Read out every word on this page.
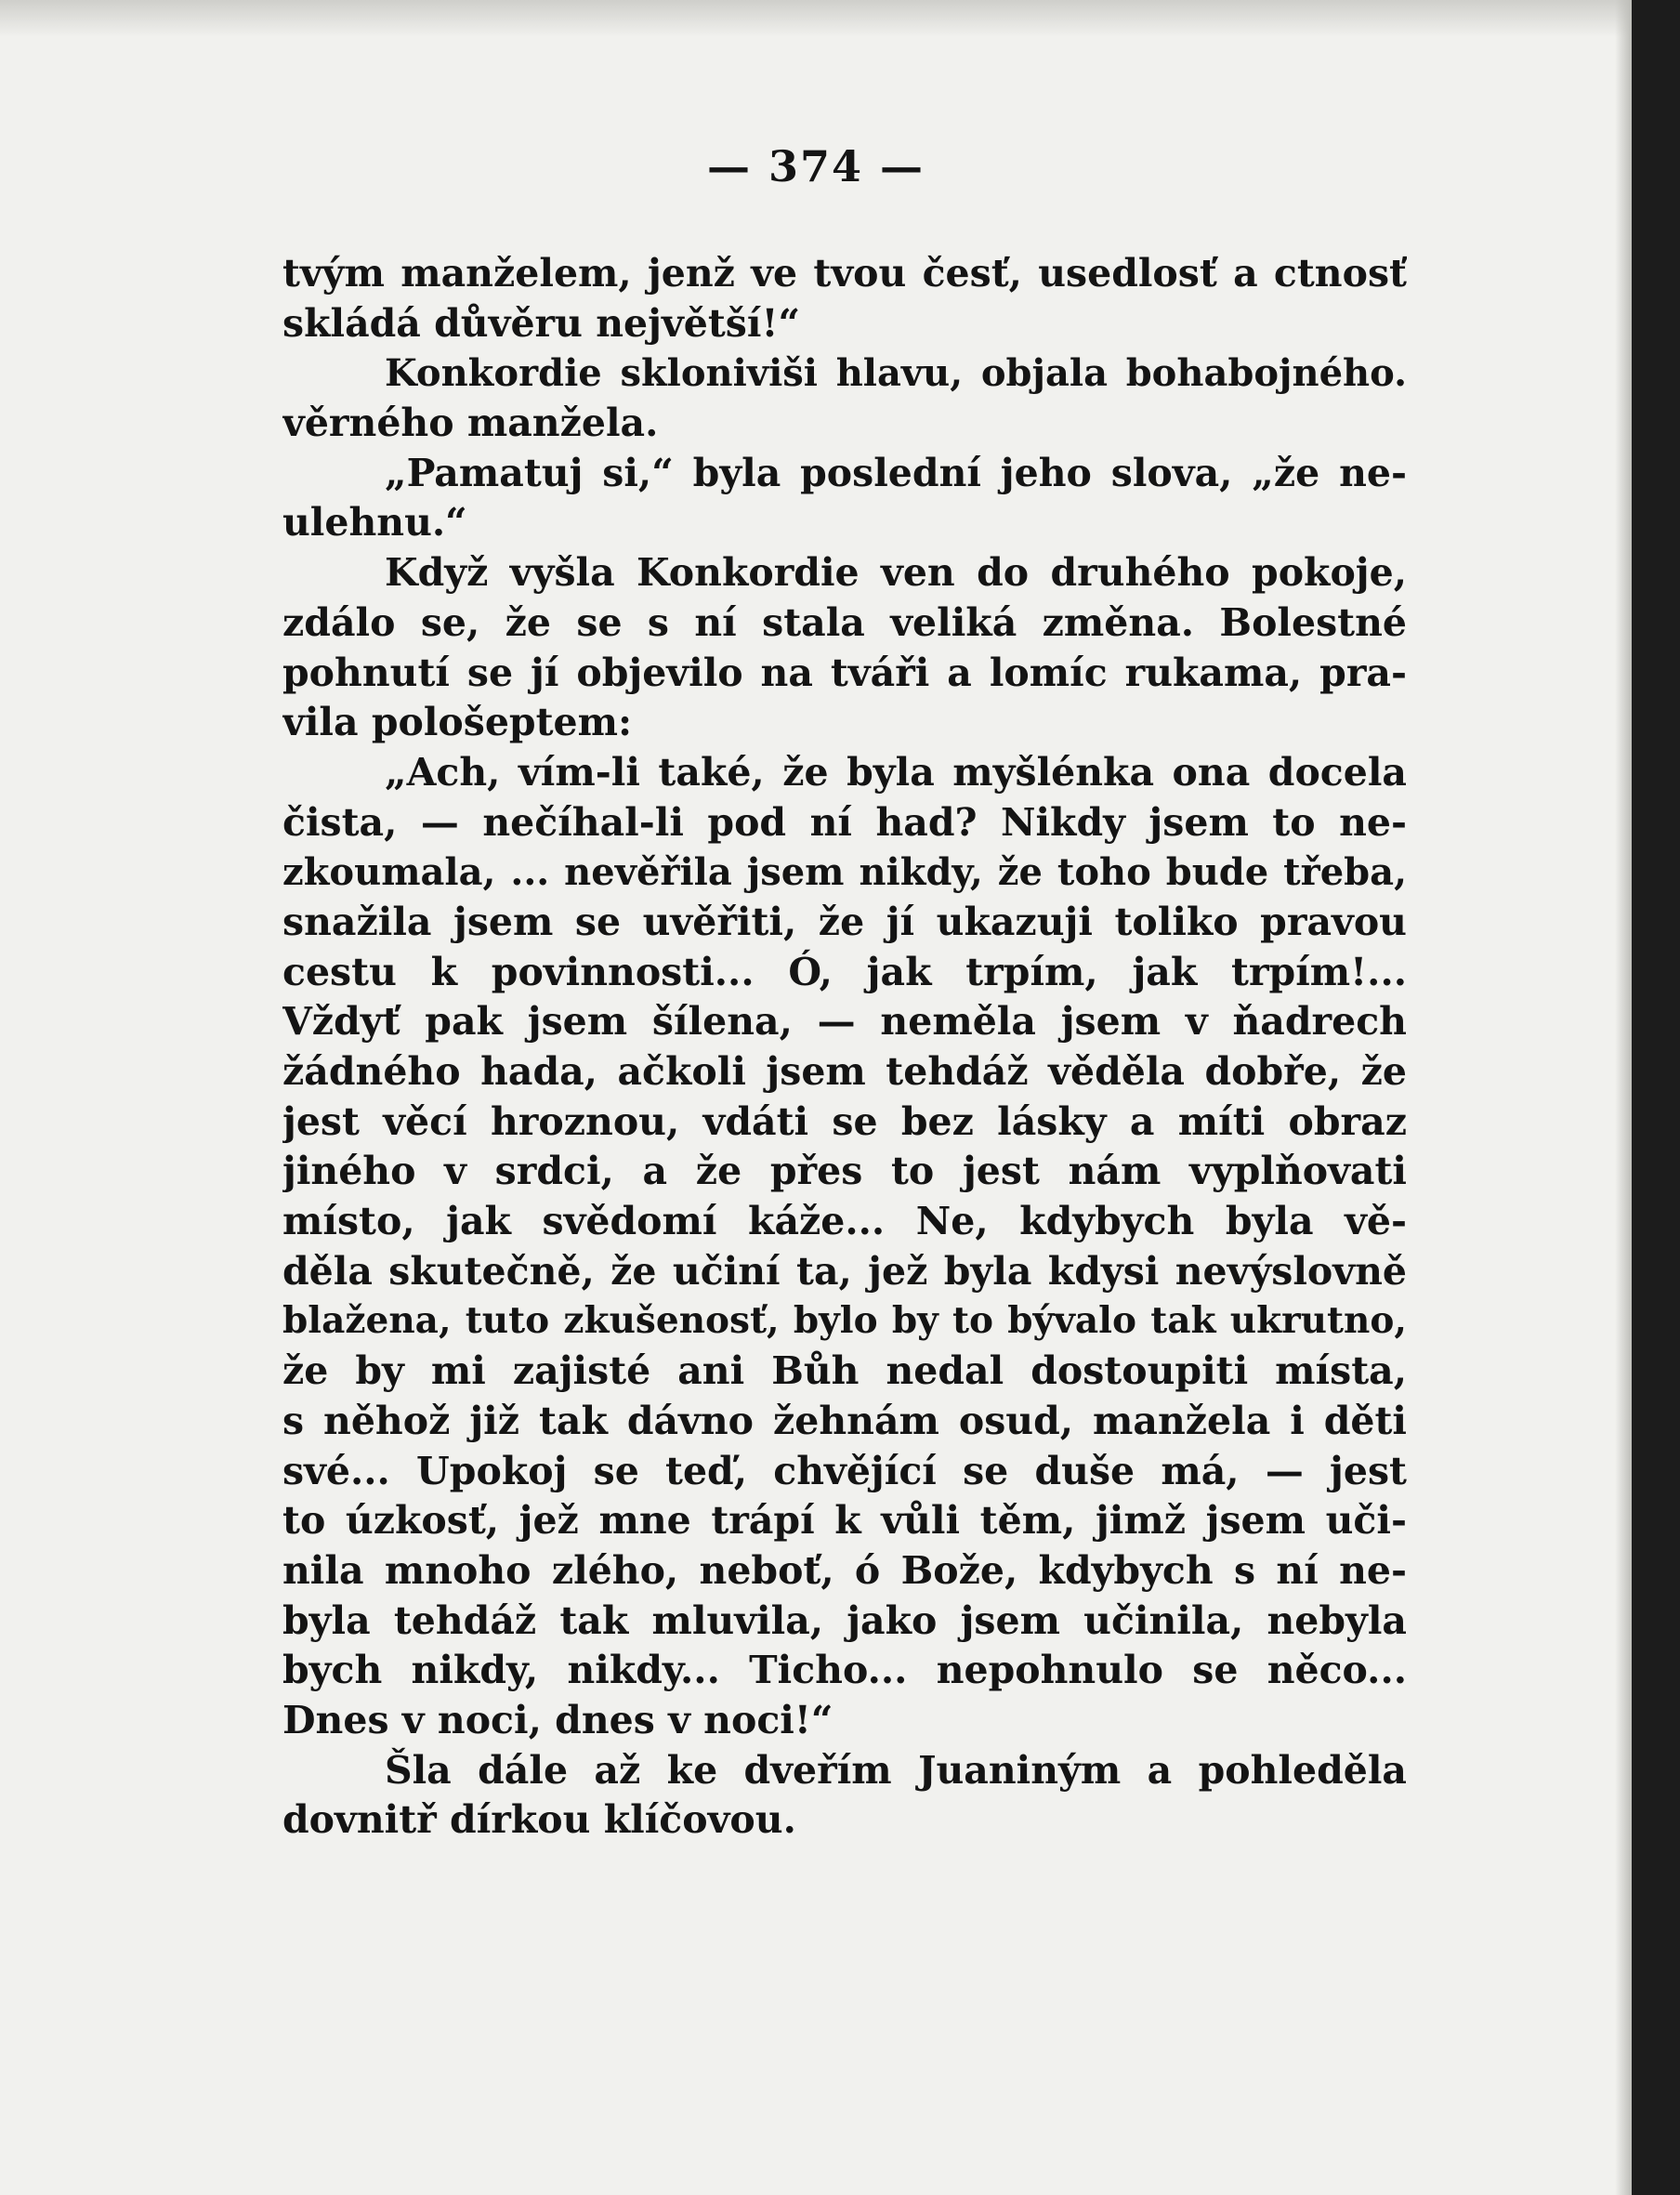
— 374 —
tvým manželem, jenž ve tvou česť, usedlosť a ctnosť
skládá důvěru největší!“
Konkordie skloniviši hlavu, objala bohabojného.
věrného manžela.
„Pamatuj si,“ byla poslední jeho slova, „že ne-
ulehnu.“
Když vyšla Konkordie ven do druhého pokoje,
zdálo se, že se s ní stala veliká změna. Bolestné
pohnutí se jí objevilo na tváři a lomíc rukama, pra-
vila pološeptem:
„Ach, vím-li také, že byla myšlénka ona docela
čista, — nečíhal-li pod ní had? Nikdy jsem to ne-
zkoumala, ... nevěřila jsem nikdy, že toho bude třeba,
snažila jsem se uvěřiti, že jí ukazuji toliko pravou
cestu k povinnosti... Ó, jak trpím, jak trpím!...
Vždyť pak jsem šílena, — neměla jsem v ňadrech
žádného hada, ačkoli jsem tehdáž věděla dobře, že
jest věcí hroznou, vdáti se bez lásky a míti obraz
jiného v srdci, a že přes to jest nám vyplňovati
místo, jak svědomí káže... Ne, kdybych byla vě-
děla skutečně, že učiní ta, jež byla kdysi nevýslovně
blažena, tuto zkušenosť, bylo by to bývalo tak ukrutno,
že by mi zajisté ani Bůh nedal dostoupiti místa,
s něhož již tak dávno žehnám osud, manžela i děti
své... Upokoj se teď, chvějící se duše má, — jest
to úzkosť, jež mne trápí k vůli těm, jimž jsem uči-
nila mnoho zlého, neboť, ó Bože, kdybych s ní ne-
byla tehdáž tak mluvila, jako jsem učinila, nebyla
bych nikdy, nikdy... Ticho... nepohnulo se něco...
Dnes v noci, dnes v noci!“
Šla dále až ke dveřím Juaniným a pohleděla
dovnitř dírkou klíčovou.
